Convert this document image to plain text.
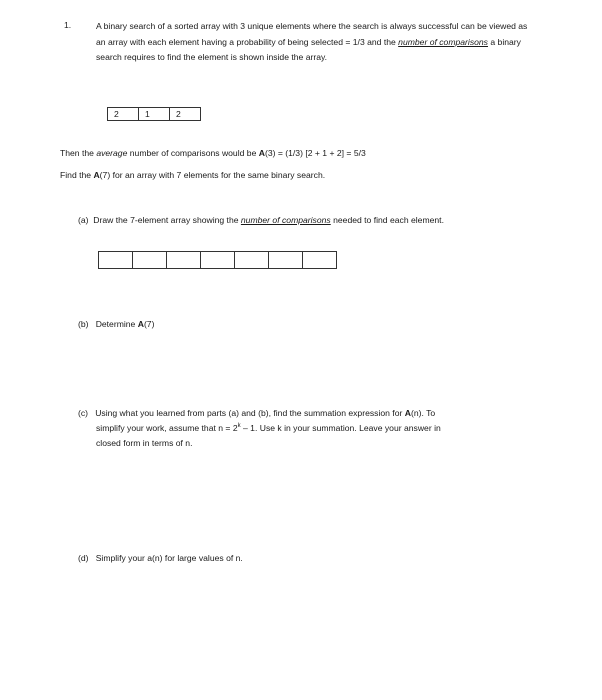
1.	A binary search of a sorted array with 3 unique elements where the search is always successful can be viewed as an array with each element having a probability of being selected = 1/3 and the number of comparisons a binary search requires to find the element is shown inside the array.
2	1	2
Then the average number of comparisons would be A(3) = (1/3) [2 + 1 + 2] = 5/3
Find the A(7) for an array with 7 elements for the same binary search.
(a) Draw the 7-element array showing the number of comparisons needed to find each element.
(b) Determine A(7)
(c) Using what you learned from parts (a) and (b), find the summation expression for A(n). To
simplify your work, assume that $n = 2^k - 1$. Use k in your summation. Leave your answer in
closed form in terms of n.
(d) Simplify your a(n) for large values of n.
